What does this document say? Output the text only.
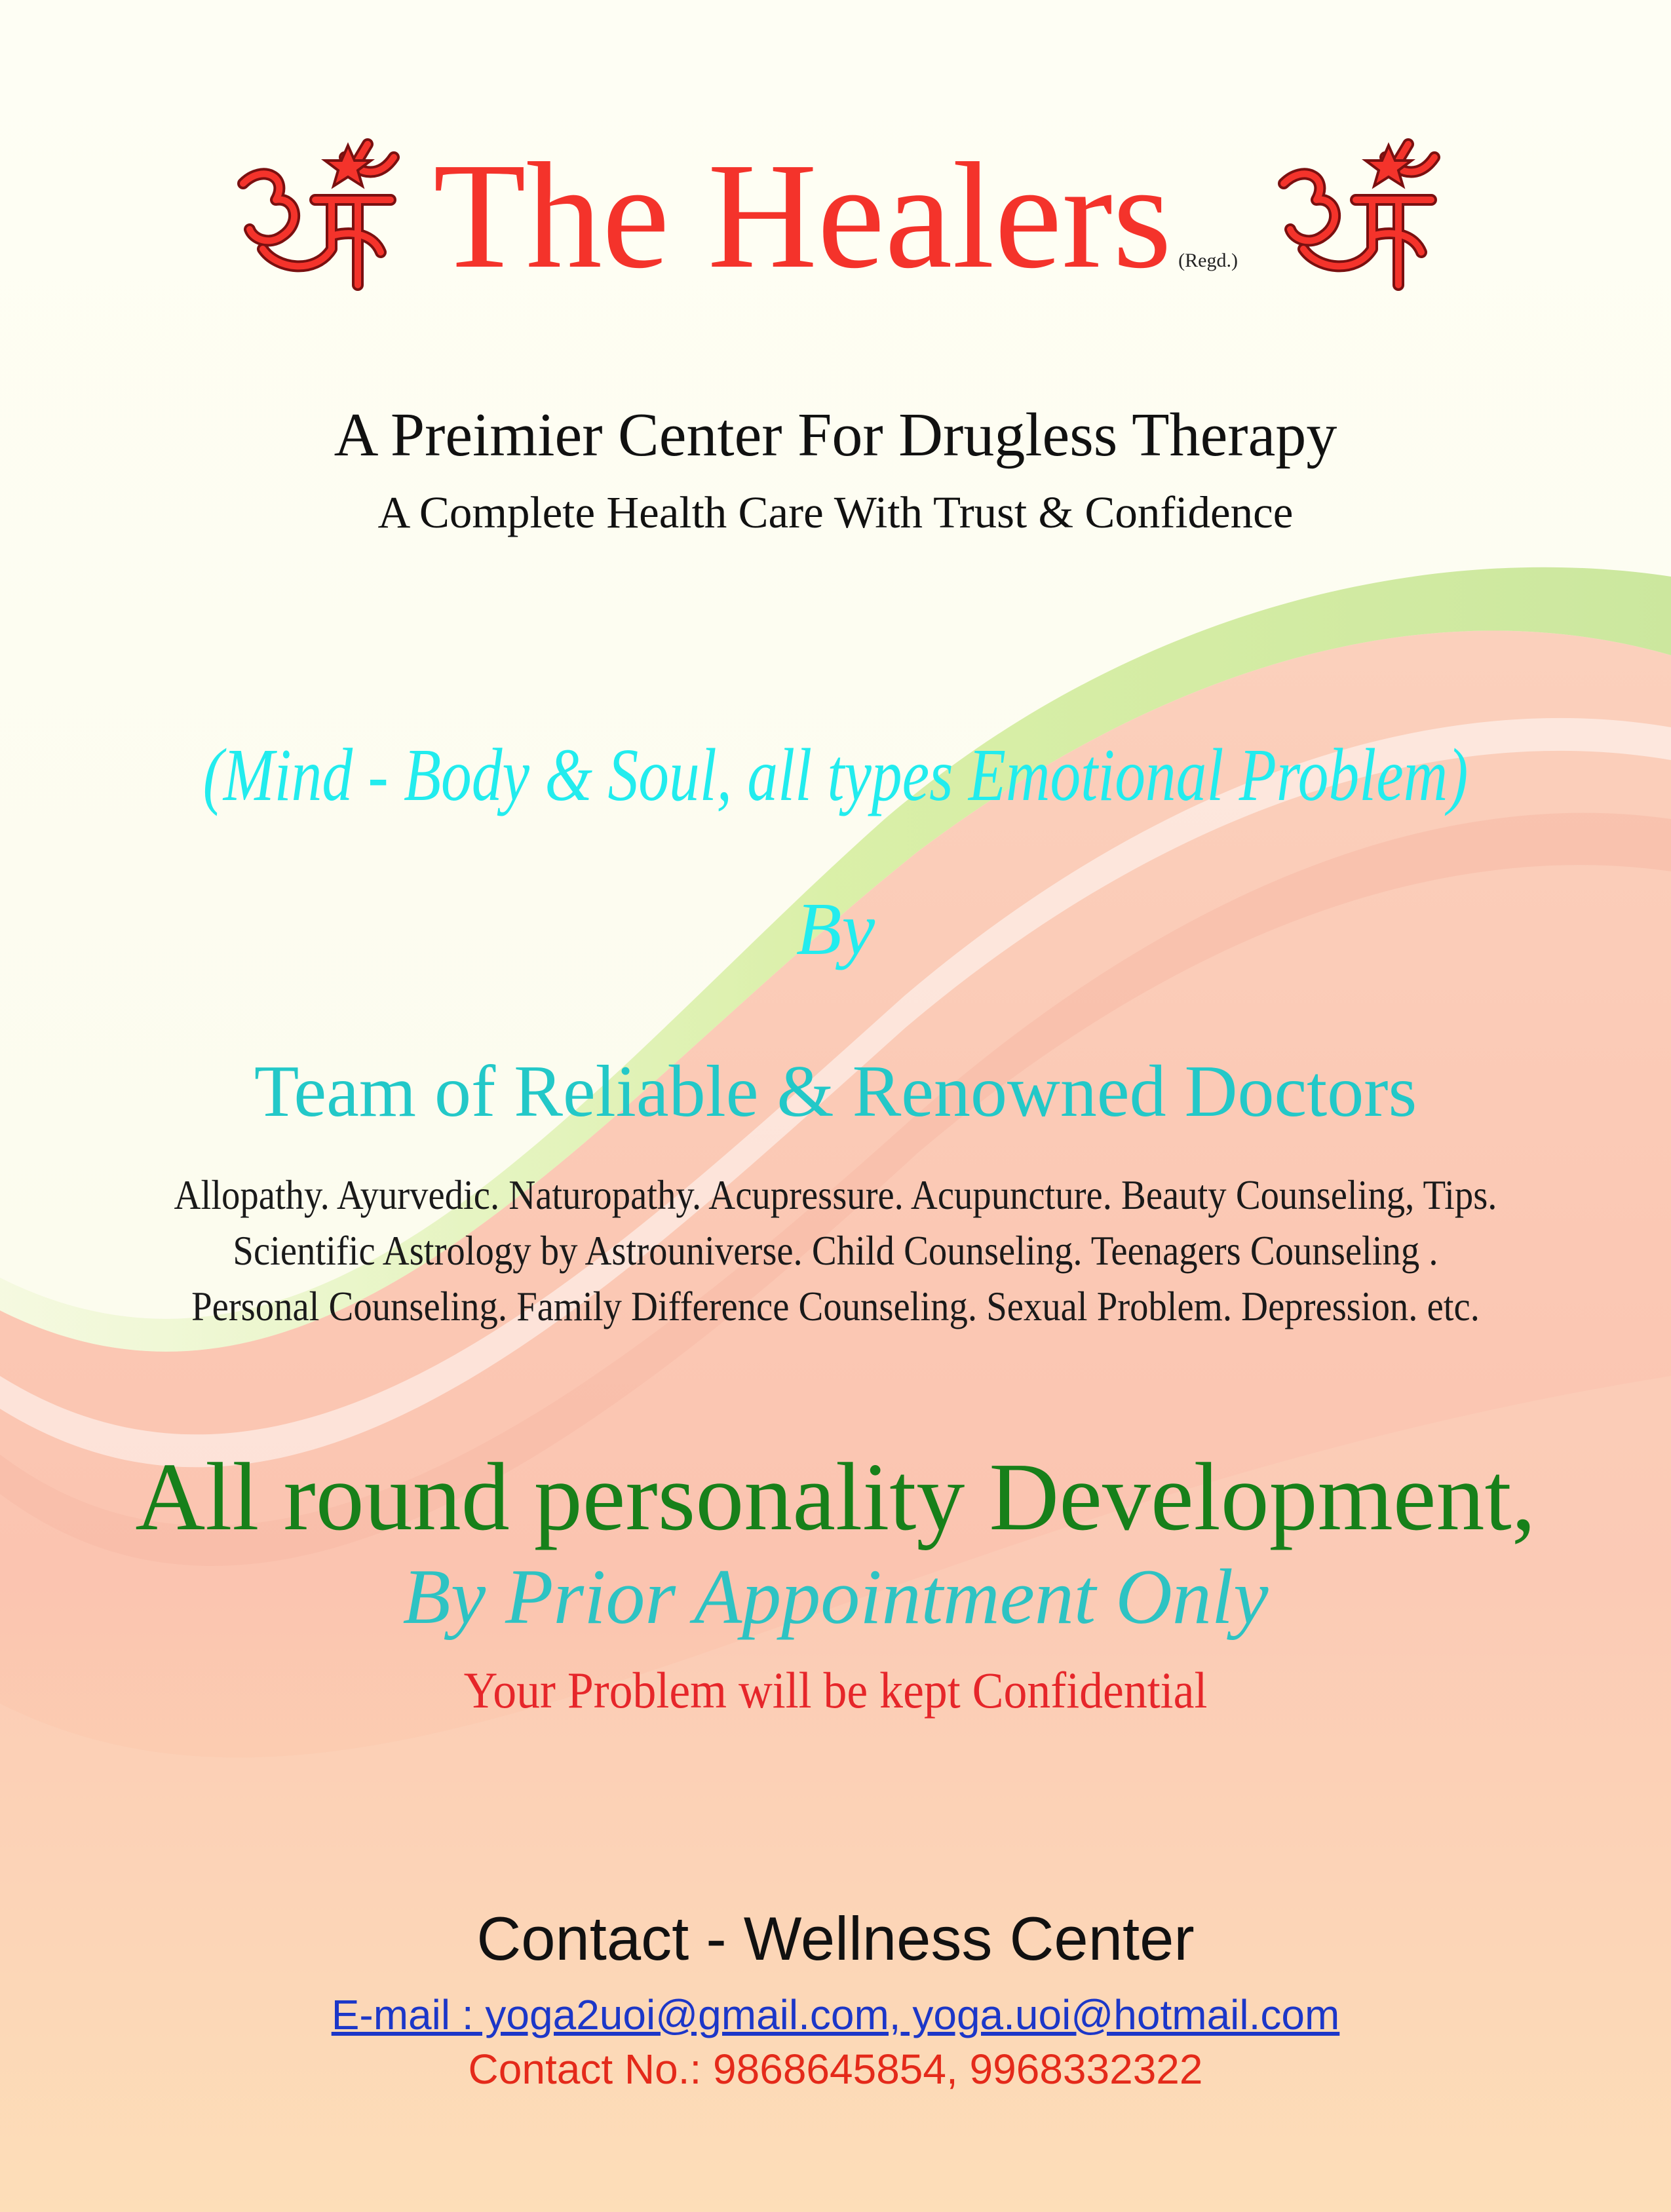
The Healers (Regd.)
A Preimier Center For Drugless Therapy
A Complete Health Care With Trust & Confidence
(Mind - Body & Soul, all types Emotional Problem)
By
Team of Reliable & Renowned Doctors
Allopathy. Ayurvedic. Naturopathy. Acupressure. Acupuncture. Beauty Counseling, Tips.
Scientific Astrology by Astrouniverse. Child Counseling. Teenagers Counseling .
Personal Counseling. Family Difference Counseling. Sexual Problem. Depression. etc.
All round personality Development,
By Prior Appointment Only
Your Problem will be kept Confidential
Contact - Wellness Center
E-mail : yoga2uoi@gmail.com, yoga.uoi@hotmail.com
Contact No.: 9868645854, 9968332322
